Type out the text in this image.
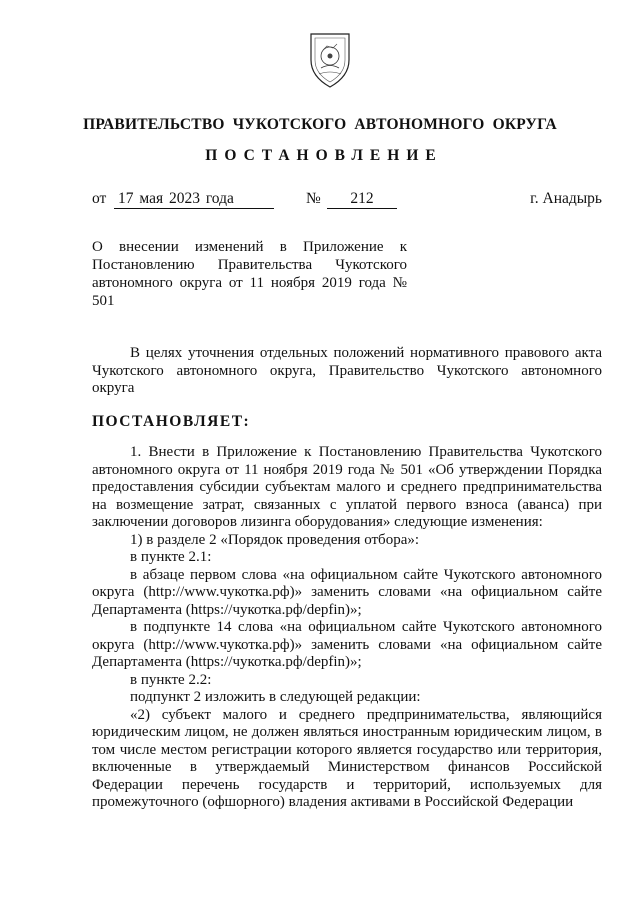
ПРАВИТЕЛЬСТВО ЧУКОТСКОГО АВТОНОМНОГО ОКРУГА
ПОСТАНОВЛЕНИЕ
от 17 мая 2023 года	№	212	г. Анадырь
О внесении изменений в Приложение к Постановлению Правительства Чукотского автономного округа от 11 ноября 2019 года № 501

В целях уточнения отдельных положений нормативного правового акта Чукотского автономного округа, Правительство Чукотского автономного округа

ПОСТАНОВЛЯЕТ:

1. Внести в Приложение к Постановлению Правительства Чукотского автономного округа от 11 ноября 2019 года № 501 «Об утверждении Порядка предоставления субсидии субъектам малого и среднего предпринимательства на возмещение затрат, связанных с уплатой первого взноса (аванса) при заключении договоров лизинга оборудования» следующие изменения:

1) в разделе 2 «Порядок проведения отбора»:

в пункте 2.1:

в абзаце первом слова «на официальном сайте Чукотского автономного округа (http://www.чукотка.рф)» заменить словами «на официальном сайте Департамента (https://чукотка.рф/depfin)»;

в подпункте 14 слова «на официальном сайте Чукотского автономного округа (http://www.чукотка.рф)» заменить словами «на официальном сайте Департамента (https://чукотка.рф/depfin)»;

в пункте 2.2:

подпункт 2 изложить в следующей редакции:

«2) субъект малого и среднего предпринимательства, являющийся юридическим лицом, не должен являться иностранным юридическим лицом, в том числе местом регистрации которого является государство или территория, включенные в утверждаемый Министерством финансов Российской Федерации перечень государств и территорий, используемых для промежуточного (офшорного) владения активами в Российской Федерации
